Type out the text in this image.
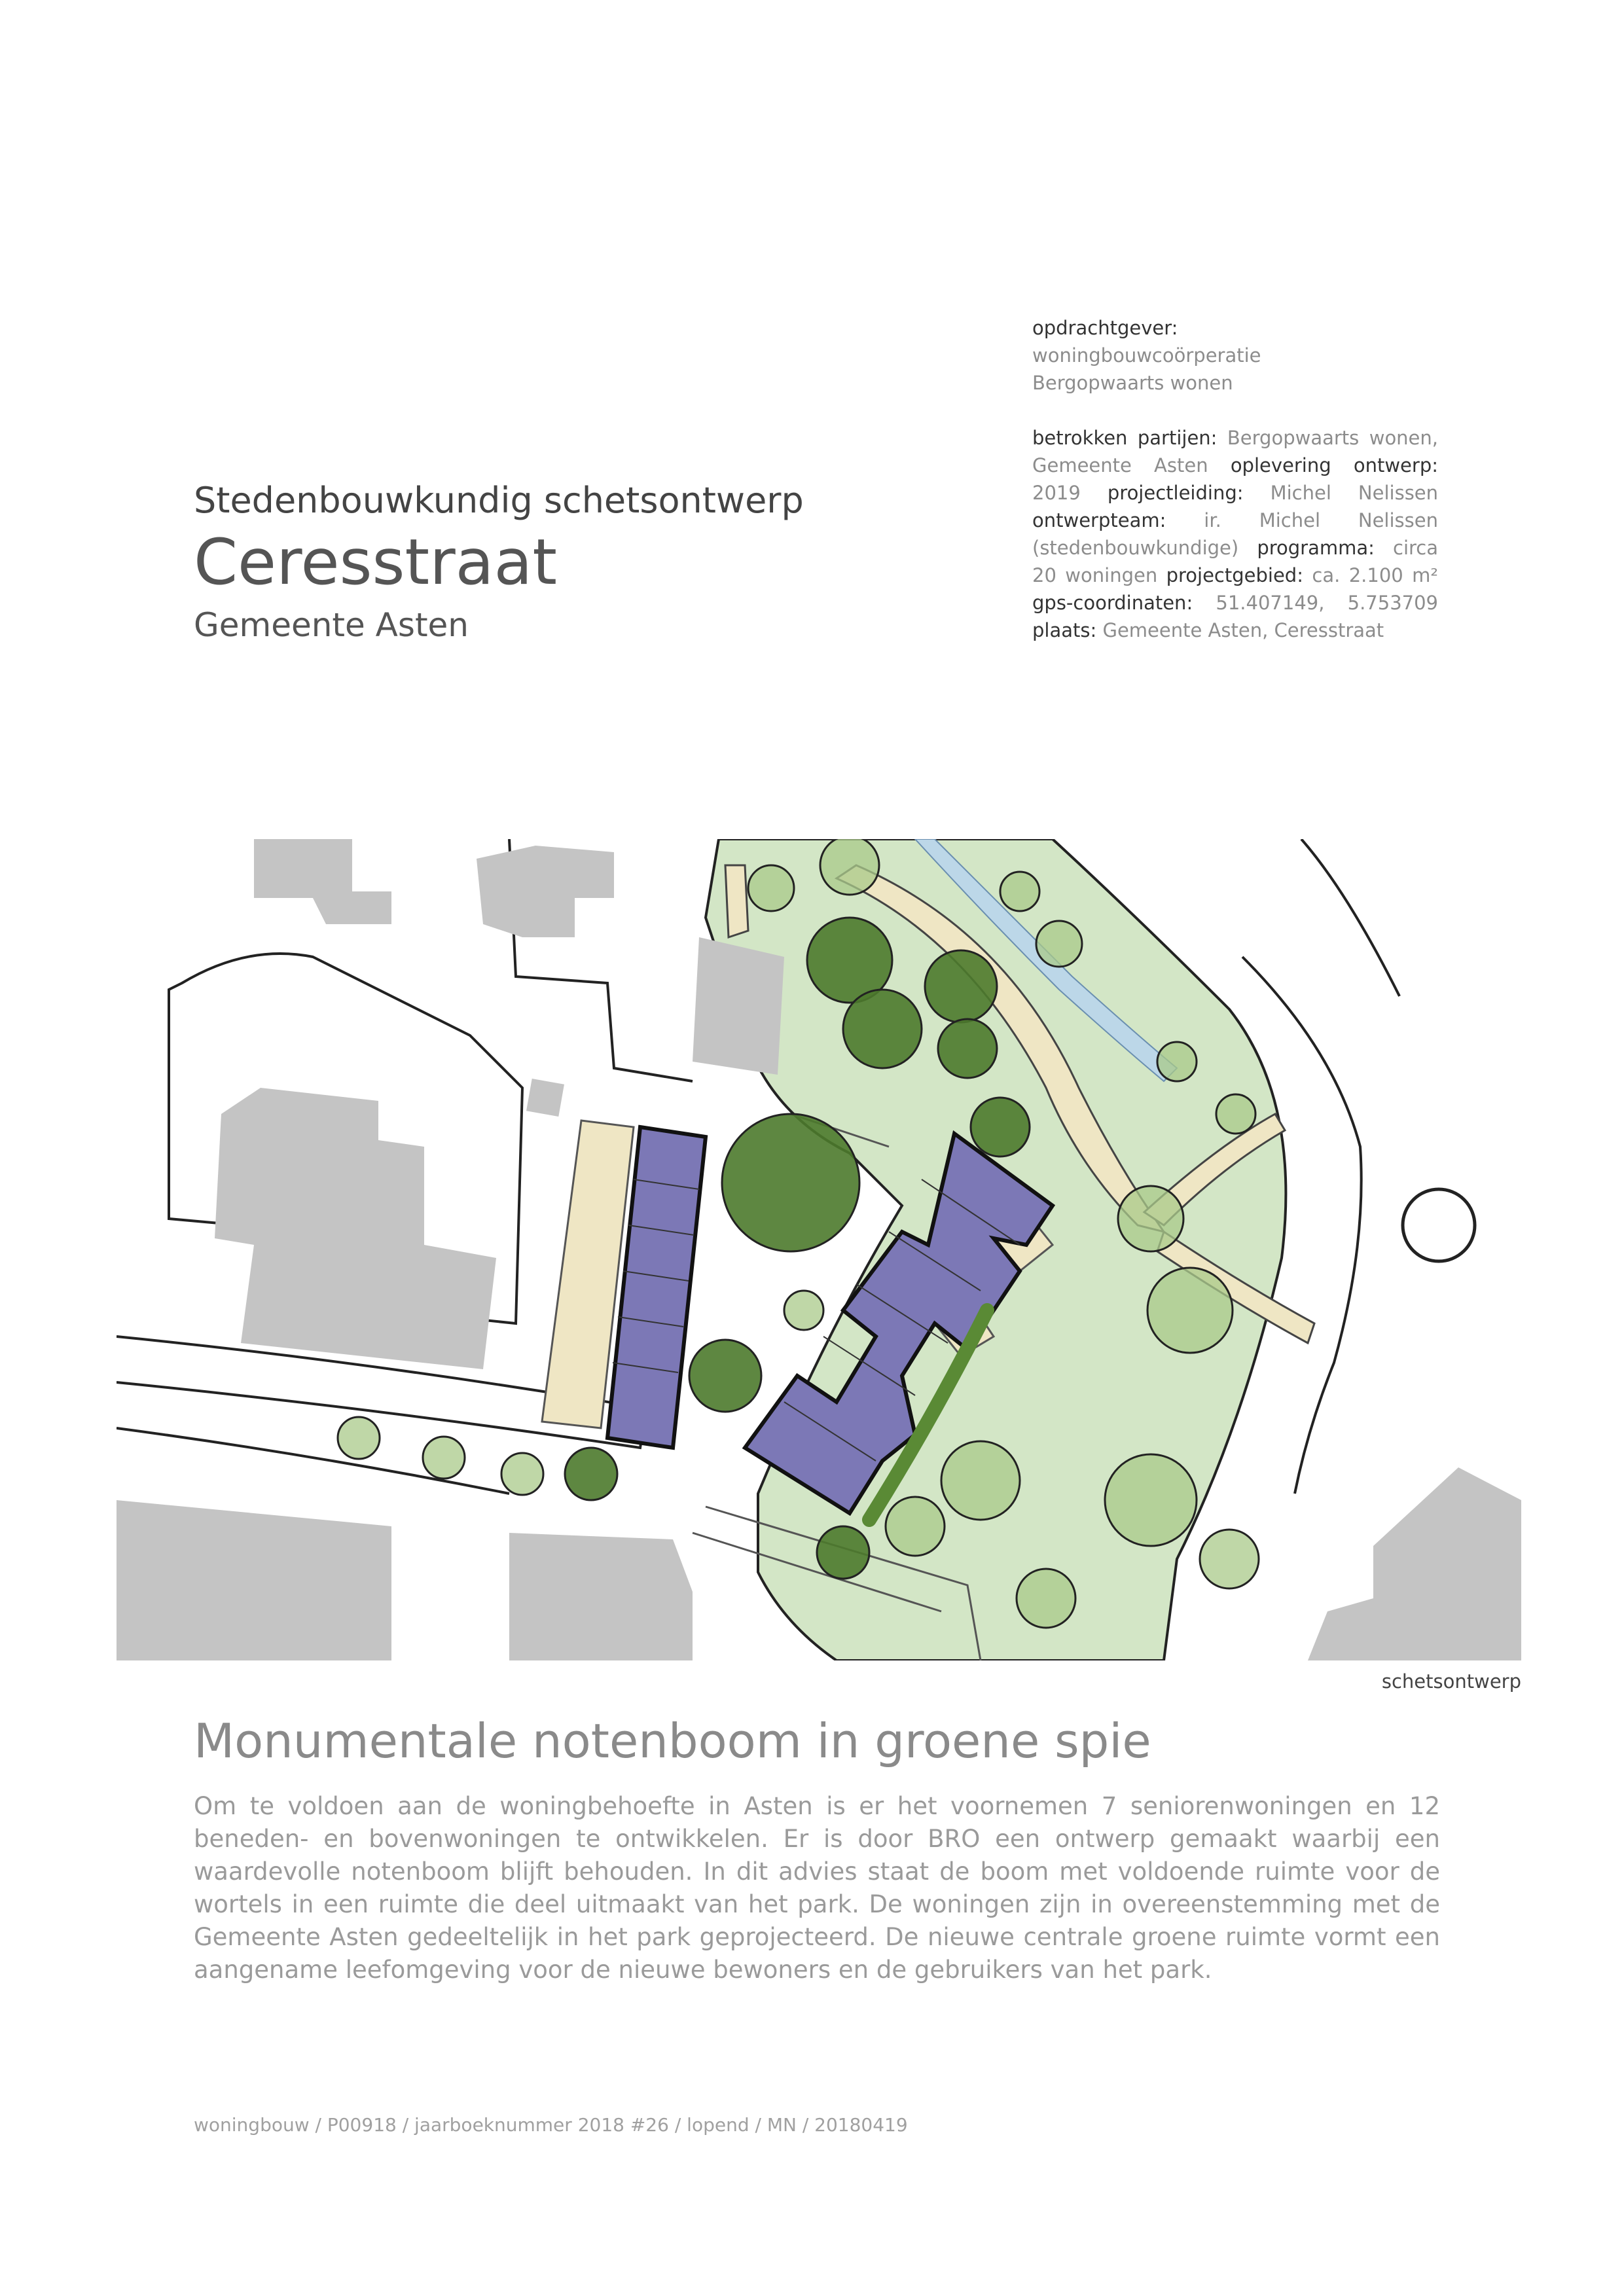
Stedenbouwkundig schetsontwerp

Ceresstraat

Gemeente Asten

opdrachtgever:

woningbouwcoörperatie

Bergopwaarts wonen

betrokken partijen: Bergopwaarts wonen, Gemeente Asten oplevering ontwerp: 2019 projectleiding: Michel Nelissen ontwerpteam: ir. Michel Nelissen (stedenbouwkundige) programma: circa 20 woningen projectgebied: ca. 2.100 m² gps-coordinaten: 51.407149, 5.753709 plaats: Gemeente Asten, Ceresstraat

schetsontwerp
Monumentale notenboom in groene spie

Om te voldoen aan de woningbehoefte in Asten is er het voornemen 7 seniorenwoningen en 12 beneden- en bovenwoningen te ontwikkelen. Er is door BRO een ontwerp gemaakt waarbij een waardevolle notenboom blijft behouden. In dit advies staat de boom met voldoende ruimte voor de wortels in een ruimte die deel uitmaakt van het park. De woningen zijn in overeenstemming met de Gemeente Asten gedeeltelijk in het park geprojecteerd. De nieuwe centrale groene ruimte vormt een aangename leefomgeving voor de nieuwe bewoners en de gebruikers van het park.

woningbouw / P00918 / jaarboeknummer 2018 #26 / lopend / MN / 20180419
